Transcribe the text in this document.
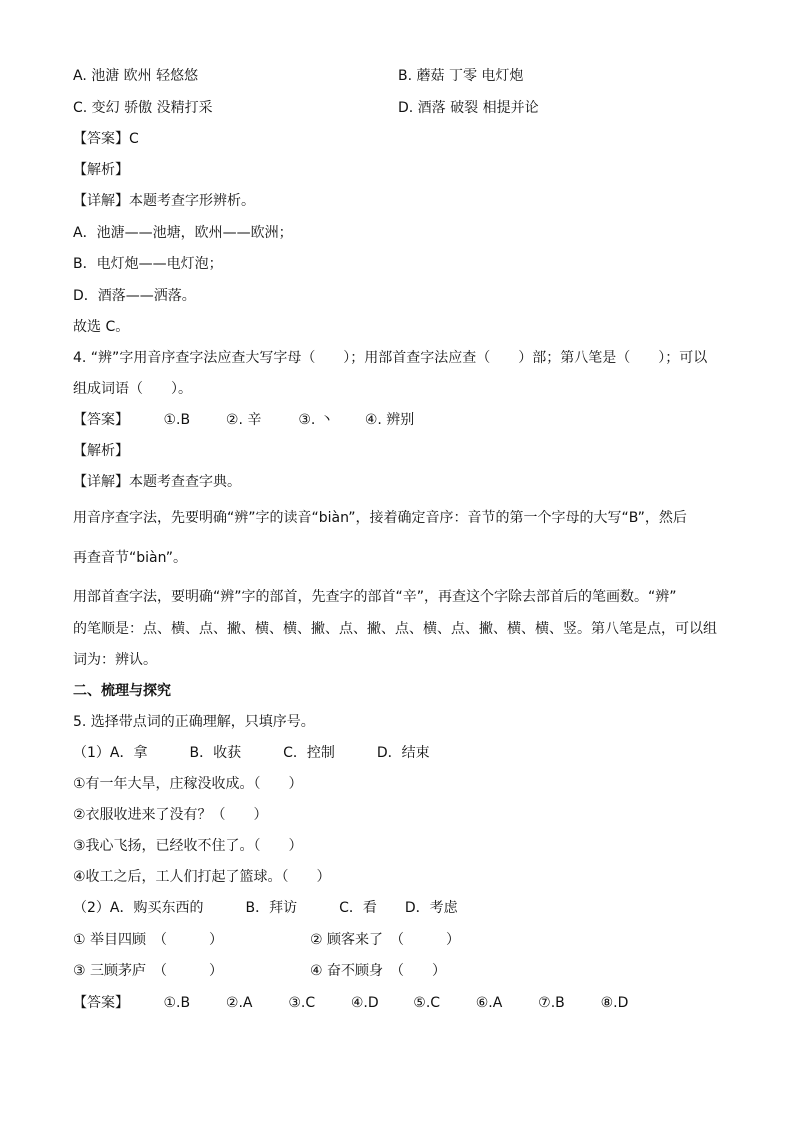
A. 池溏 欧州 轻悠悠	B. 蘑菇 丁零 电灯炮
C. 变幻 骄傲 没精打采	D. 酒落 破裂 相提并论
【答案】C
【解析】
【详解】本题考查字形辨析。
A．池溏——池塘，欧州——欧洲；
B．电灯炮——电灯泡；
D．酒落——洒落。
故选 C。
4. “辨”字用音序查字法应查大写字母（　　）；用部首查字法应查（　　）部；第八笔是（　　）；可以
组成词语（　　）。
【答案】 ①.B	②. 辛	③. 丶 ④. 辨别
【解析】
【详解】本题考查查字典。
用音序查字法，先要明确“辨”字的读音“biàn”，接着确定音序：音节的第一个字母的大写“B”，然后
再查音节“biàn”。
用部首查字法，要明确“辨”字的部首，先查字的部首“辛”，再查这个字除去部首后的笔画数。“辨”
的笔顺是：点、横、点、撇、横、横、撇、点、撇、点、横、点、撇、横、横、竖。第八笔是点，可以组
词为：辨认。
二、梳理与探究
5. 选择带点词的正确理解，只填序号。
（1）A．拿　　　B．收获　　　C．控制　　　D．结束
①有一年大旱，庄稼没收成。（　　）
②衣服收进来了没有？（　　）
③我心飞扬，已经收不住了。（　　）
④收工之后，工人们打起了篮球。（　　）
（2）A．购买东西的　　　B．拜访　　　C．看　　D．考虑
① 举目四顾　（　　　）	② 顾客来了　（　　　）
③ 三顾茅庐　（　　　）	④ 奋不顾身　（　　）
【答案】 ①.B	②.A	③.C	④.D ⑤.C	⑥.A	⑦.B	⑧.D
